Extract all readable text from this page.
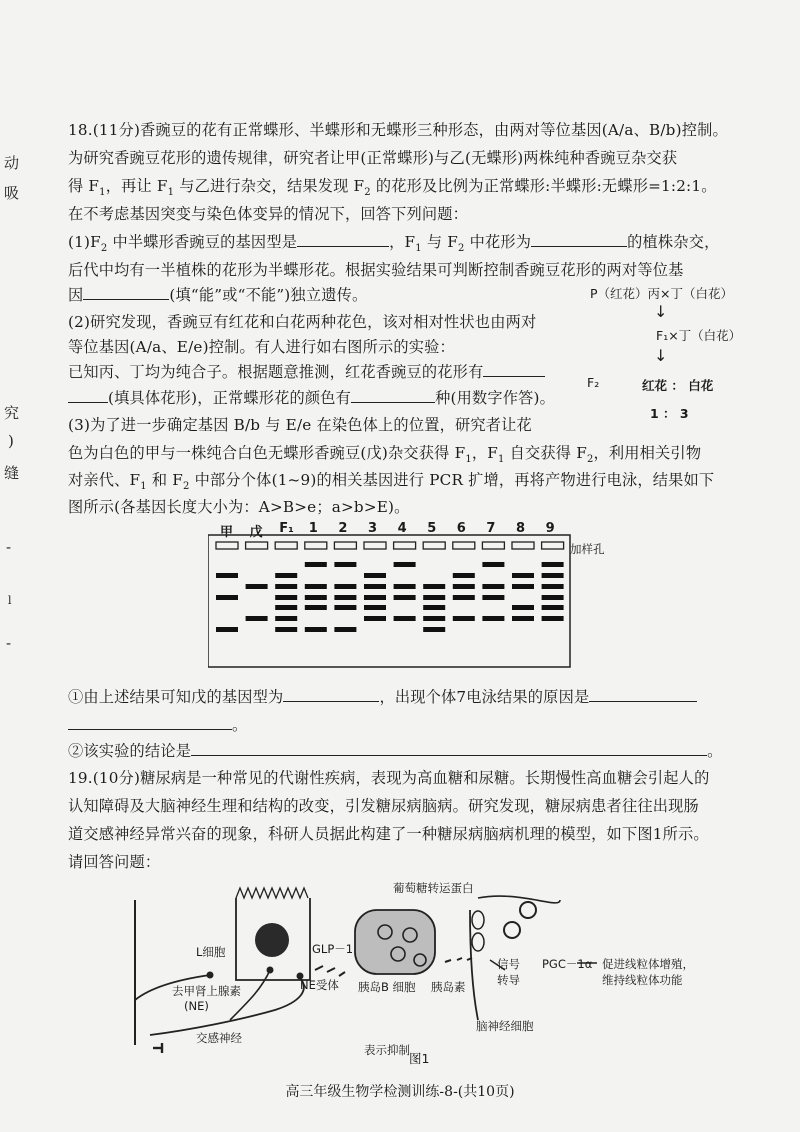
动
吸
究
)
缝
-
l
-
18.(11分)香豌豆的花有正常蝶形、半蝶形和无蝶形三种形态，由两对等位基因(A/a、B/b)控制。
为研究香豌豆花形的遗传规律，研究者让甲(正常蝶形)与乙(无蝶形)两株纯种香豌豆杂交获
得 $F_1$，再让 $F_1$ 与乙进行杂交，结果发现 $F_2$ 的花形及比例为正常蝶形:半蝶形:无蝶形=1:2:1。
在不考虑基因突变与染色体变异的情况下，回答下列问题：
$(1)F_2$ 中半蝶形香豌豆的基因型是	，$F_1$ 与 $F_2$ 中花形为	的植株杂交，
后代中均有一半植株的花形为半蝶形花。根据实验结果可判断控制香豌豆花形的两对等位基
因	(填“能”或“不能”)独立遗传。
(2)研究发现，香豌豆有红花和白花两种花色，该对相对性状也由两对
等位基因(A/a、E/e)控制。有人进行如右图所示的实验：
已知丙、丁均为纯合子。根据题意推测，红花香豌豆的花形有
(填具体花形)，正常蝶形花的颜色有	种(用数字作答)。
P（红花）丙×丁（白花）
↓
F₁×丁（白花）
↓
F₂	红花 ： 白花
1 ： 3
(3)为了进一步确定基因 B/b 与 E/e 在染色体上的位置，研究者让花
色为白色的甲与一株纯合白色无蝶形香豌豆(戊)杂交获得 $F_1$，$F_1$ 自交获得 $F_2$，利用相关引物
对亲代、$F_1$ 和 $F_2$ 中部分个体(1~9)的相关基因进行 PCR 扩增，再将产物进行电泳，结果如下
图所示(各基因长度大小为：A>B>e；a>b>E)。
甲 戊 F₁ 1 2 3 4 5 6 7 8 9
加样孔
①由上述结果可知戊的基因型为	，出现个体7电泳结果的原因是
。
②该实验的结论是	。
19.(10分)糖尿病是一种常见的代谢性疾病，表现为高血糖和尿糖。长期慢性高血糖会引起人的
认知障碍及大脑神经生理和结构的改变，引发糖尿病脑病。研究发现，糖尿病患者往往出现肠
道交感神经异常兴奋的现象，科研人员据此构建了一种糖尿病脑病机理的模型，如下图1所示。
请回答问题：
葡萄糖转运蛋白
L细胞	GLP－1
去甲肾上腺素
(NE)
NE受体 胰岛B 细胞 胰岛素
信号
转导
PGC－1α 促进线粒体增殖，
维持线粒体功能
脑神经细胞
交感神经
表示抑制
图1
高三年级生物学检测训练-8-(共10页)
